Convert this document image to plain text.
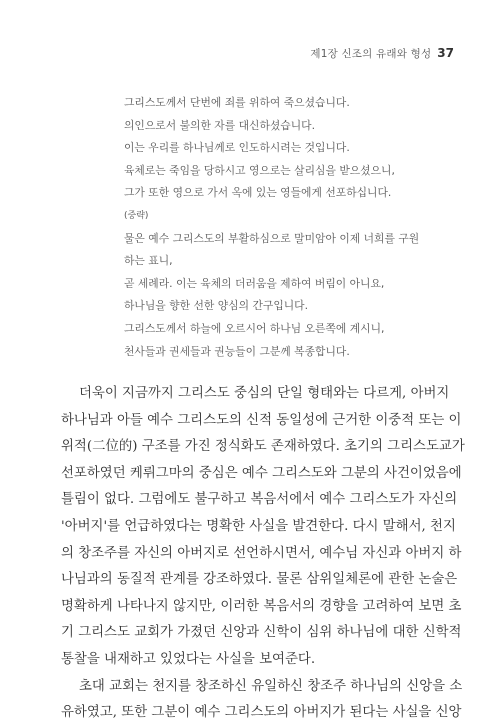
제1장 신조의 유래와 형성 37
그리스도께서 단번에 죄를 위하여 죽으셨습니다.
의인으로서 불의한 자를 대신하셨습니다.
이는 우리를 하나님께로 인도하시려는 것입니다.
육체로는 죽임을 당하시고 영으로는 살리심을 받으셨으니,
그가 또한 영으로 가서 옥에 있는 영들에게 선포하십니다.
(중략)
물은 예수 그리스도의 부활하심으로 말미암아 이제 너희를 구원
하는 표니,
곧 세례라. 이는 육체의 더러움을 제하여 버림이 아니요,
하나님을 향한 선한 양심의 간구입니다.
그리스도께서 하늘에 오르시어 하나님 오른쪽에 계시니,
천사들과 권세들과 권능들이 그분께 복종합니다.
더욱이 지금까지 그리스도 중심의 단일 형태와는 다르게, 아버지
하나님과 아들 예수 그리스도의 신적 동일성에 근거한 이중적 또는 이
위적(二位的) 구조를 가진 정식화도 존재하였다. 초기의 그리스도교가
선포하였던 케뤼그마의 중심은 예수 그리스도와 그분의 사건이었음에
틀림이 없다. 그럼에도 불구하고 복음서에서 예수 그리스도가 자신의
'아버지'를 언급하였다는 명확한 사실을 발견한다. 다시 말해서, 천지
의 창조주를 자신의 아버지로 선언하시면서, 예수님 자신과 아버지 하
나님과의 동질적 관계를 강조하였다. 물론 삼위일체론에 관한 논술은
명확하게 나타나지 않지만, 이러한 복음서의 경향을 고려하여 보면 초
기 그리스도 교회가 가졌던 신앙과 신학이 심위 하나님에 대한 신학적
통찰을 내재하고 있었다는 사실을 보여준다.
초대 교회는 천지를 창조하신 유일하신 창조주 하나님의 신앙을 소
유하였고, 또한 그분이 예수 그리스도의 아버지가 된다는 사실을 신앙
